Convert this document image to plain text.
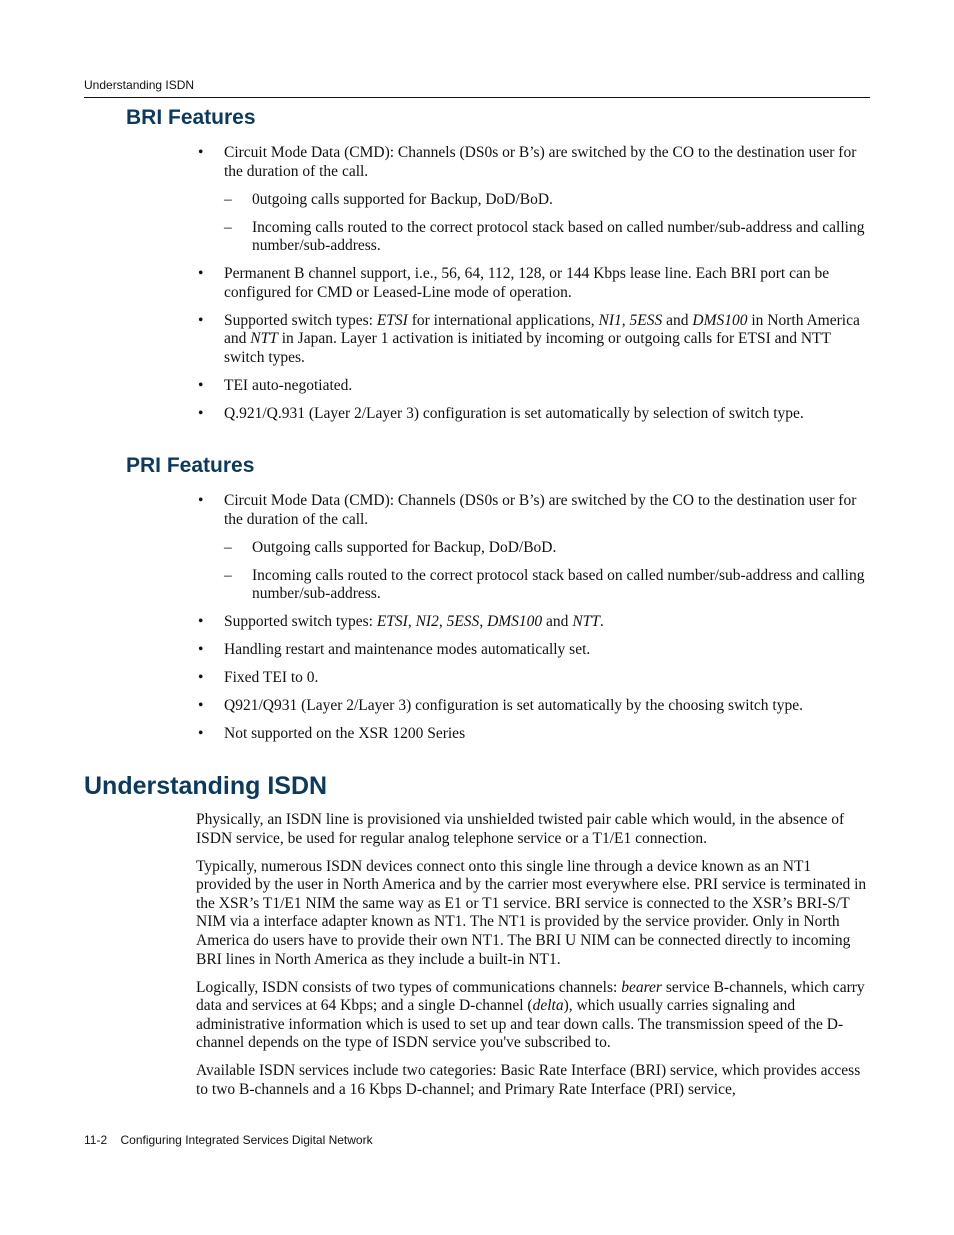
Understanding ISDN
BRI Features
• Circuit Mode Data (CMD): Channels (DS0s or B’s) are switched by the CO to the destination user for the duration of the call.
– 0utgoing calls supported for Backup, DoD/BoD.
– Incoming calls routed to the correct protocol stack based on called number/sub-address and calling number/sub-address.
• Permanent B channel support, i.e., 56, 64, 112, 128, or 144 Kbps lease line. Each BRI port can be configured for CMD or Leased-Line mode of operation.
• Supported switch types: ETSI for international applications, NI1, 5ESS and DMS100 in North America and NTT in Japan. Layer 1 activation is initiated by incoming or outgoing calls for ETSI and NTT switch types.
• TEI auto-negotiated.
• Q.921/Q.931 (Layer 2/Layer 3) configuration is set automatically by selection of switch type.
PRI Features
• Circuit Mode Data (CMD): Channels (DS0s or B’s) are switched by the CO to the destination user for the duration of the call.
– Outgoing calls supported for Backup, DoD/BoD.
– Incoming calls routed to the correct protocol stack based on called number/sub-address and calling number/sub-address.
• Supported switch types: ETSI, NI2, 5ESS, DMS100 and NTT.
• Handling restart and maintenance modes automatically set.
• Fixed TEI to 0.
• Q921/Q931 (Layer 2/Layer 3) configuration is set automatically by the choosing switch type.
• Not supported on the XSR 1200 Series
Understanding ISDN

Physically, an ISDN line is provisioned via unshielded twisted pair cable which would, in the absence of ISDN service, be used for regular analog telephone service or a T1/E1 connection.

Typically, numerous ISDN devices connect onto this single line through a device known as an NT1 provided by the user in North America and by the carrier most everywhere else. PRI service is terminated in the XSR’s T1/E1 NIM the same way as E1 or T1 service. BRI service is connected to the XSR’s BRI-S/T NIM via a interface adapter known as NT1. The NT1 is provided by the service provider. Only in North America do users have to provide their own NT1. The BRI U NIM can be connected directly to incoming BRI lines in North America as they include a built-in NT1.

Logically, ISDN consists of two types of communications channels: bearer service B-channels, which carry data and services at 64 Kbps; and a single D-channel (delta), which usually carries signaling and administrative information which is used to set up and tear down calls. The transmission speed of the D-channel depends on the type of ISDN service you've subscribed to.

Available ISDN services include two categories: Basic Rate Interface (BRI) service, which provides access to two B-channels and a 16 Kbps D-channel; and Primary Rate Interface (PRI) service,

11-2 Configuring Integrated Services Digital Network
